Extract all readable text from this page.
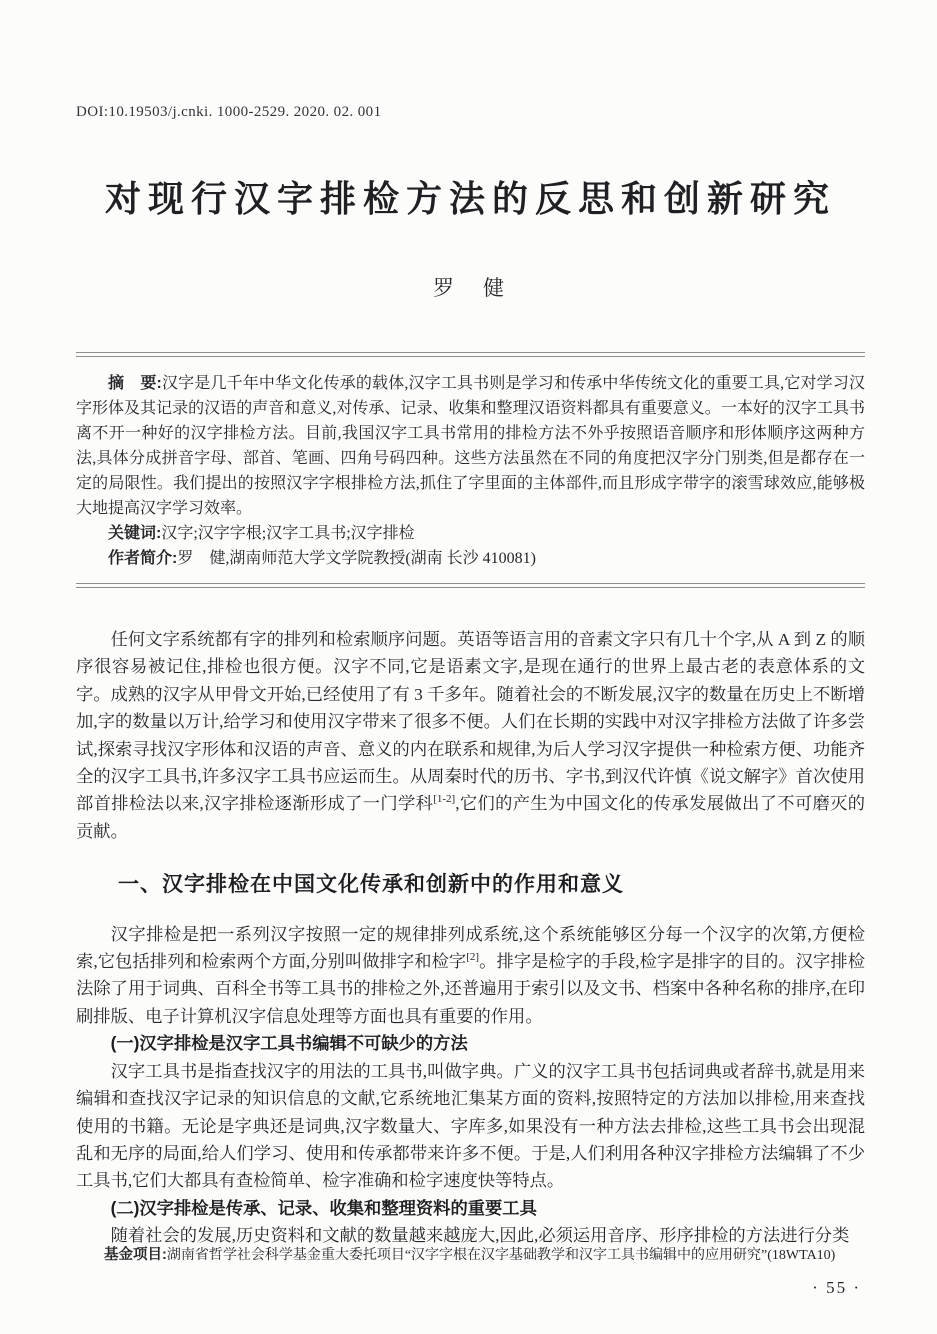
DOI:10.19503/j.cnki. 1000-2529. 2020. 02. 001
对现行汉字排检方法的反思和创新研究
罗　健

摘　要:汉字是几千年中华文化传承的载体,汉字工具书则是学习和传承中华传统文化的重要工具,它对学习汉字形体及其记录的汉语的声音和意义,对传承、记录、收集和整理汉语资料都具有重要意义。一本好的汉字工具书离不开一种好的汉字排检方法。目前,我国汉字工具书常用的排检方法不外乎按照语音顺序和形体顺序这两种方法,具体分成拼音字母、部首、笔画、四角号码四种。这些方法虽然在不同的角度把汉字分门别类,但是都存在一定的局限性。我们提出的按照汉字字根排检方法,抓住了字里面的主体部件,而且形成字带字的滚雪球效应,能够极大地提高汉字学习效率。

关键词:汉字;汉字字根;汉字工具书;汉字排检

作者简介:罗　健,湖南师范大学文学院教授(湖南 长沙 410081)

任何文字系统都有字的排列和检索顺序问题。英语等语言用的音素文字只有几十个字,从 A 到 Z 的顺序很容易被记住,排检也很方便。汉字不同,它是语素文字,是现在通行的世界上最古老的表意体系的文字。成熟的汉字从甲骨文开始,已经使用了有 3 千多年。随着社会的不断发展,汉字的数量在历史上不断增加,字的数量以万计,给学习和使用汉字带来了很多不便。人们在长期的实践中对汉字排检方法做了许多尝试,探索寻找汉字形体和汉语的声音、意义的内在联系和规律,为后人学习汉字提供一种检索方便、功能齐全的汉字工具书,许多汉字工具书应运而生。从周秦时代的历书、字书,到汉代许慎《说文解字》首次使用部首排检法以来,汉字排检逐渐形成了一门学科[1-2],它们的产生为中国文化的传承发展做出了不可磨灭的贡献。

一、汉字排检在中国文化传承和创新中的作用和意义

汉字排检是把一系列汉字按照一定的规律排列成系统,这个系统能够区分每一个汉字的次第,方便检索,它包括排列和检索两个方面,分别叫做排字和检字[2]。排字是检字的手段,检字是排字的目的。汉字排检法除了用于词典、百科全书等工具书的排检之外,还普遍用于索引以及文书、档案中各种名称的排序,在印刷排版、电子计算机汉字信息处理等方面也具有重要的作用。

(一)汉字排检是汉字工具书编辑不可缺少的方法

汉字工具书是指查找汉字的用法的工具书,叫做字典。广义的汉字工具书包括词典或者辞书,就是用来编辑和查找汉字记录的知识信息的文献,它系统地汇集某方面的资料,按照特定的方法加以排检,用来查找使用的书籍。无论是字典还是词典,汉字数量大、字库多,如果没有一种方法去排检,这些工具书会出现混乱和无序的局面,给人们学习、使用和传承都带来许多不便。于是,人们利用各种汉字排检方法编辑了不少工具书,它们大都具有查检简单、检字准确和检字速度快等特点。

(二)汉字排检是传承、记录、收集和整理资料的重要工具

随着社会的发展,历史资料和文献的数量越来越庞大,因此,必须运用音序、形序排检的方法进行分类

基金项目:湖南省哲学社会科学基金重大委托项目“汉字字根在汉字基础教学和汉字工具书编辑中的应用研究”(18WTA10)

· 55 ·
